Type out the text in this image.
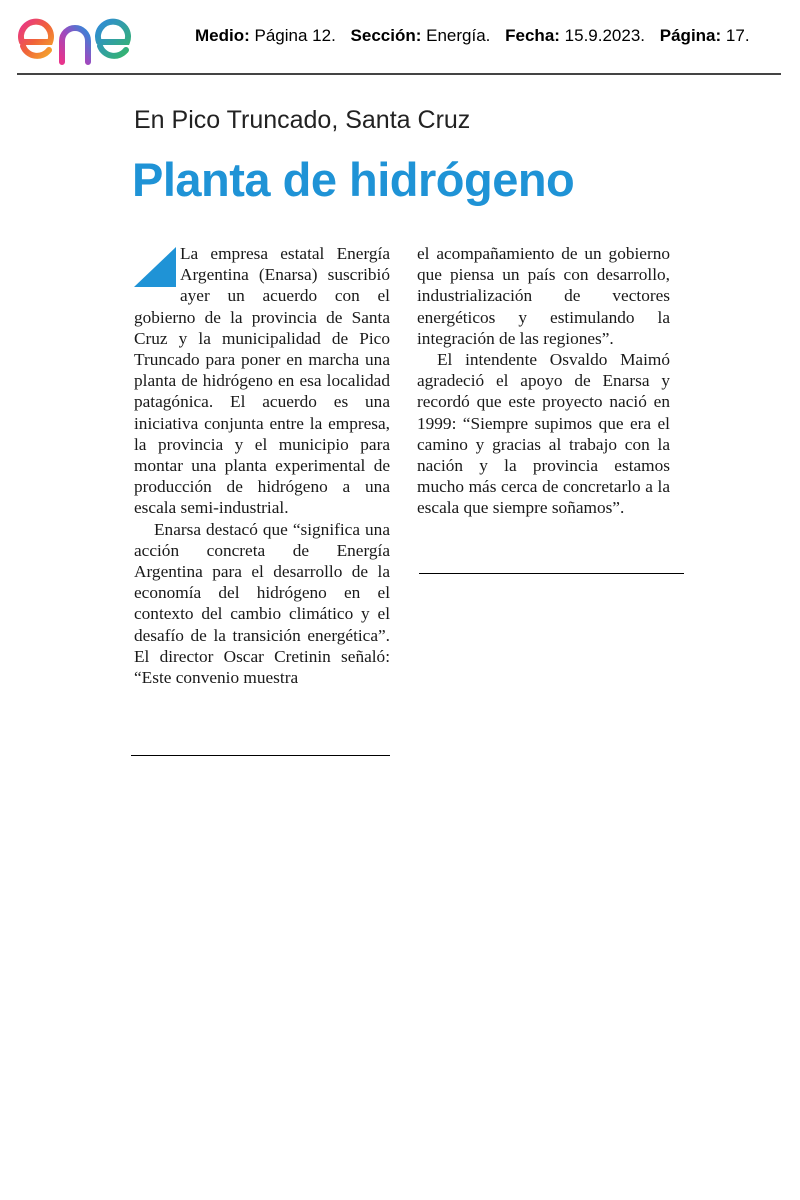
enel
Medio: Página 12. Sección: Energía. Fecha: 15.9.2023. Página: 17.
En Pico Truncado, Santa Cruz
Planta de hidrógeno

La empresa estatal Energía Argentina (Enarsa) suscribió ayer un acuerdo con el gobierno de la provincia de Santa Cruz y la municipalidad de Pico Truncado para poner en marcha una planta de hidrógeno en esa localidad patagónica. El acuerdo es una iniciativa conjunta entre la empresa, la provincia y el municipio para montar una planta experimental de producción de hidrógeno a una escala semi-industrial.

Enarsa destacó que “significa una acción concreta de Energía Argentina para el desarrollo de la economía del hidrógeno en el contexto del cambio climático y el desafío de la transición energética”. El director Oscar Cretinin señaló: “Este convenio muestra

el acompañamiento de un gobierno que piensa un país con desarrollo, industrialización de vectores energéticos y estimulando la integración de las regiones”.

El intendente Osvaldo Maimó agradeció el apoyo de Enarsa y recordó que este proyecto nació en 1999: “Siempre supimos que era el camino y gracias al trabajo con la nación y la provincia estamos mucho más cerca de concretarlo a la escala que siempre soñamos”.
